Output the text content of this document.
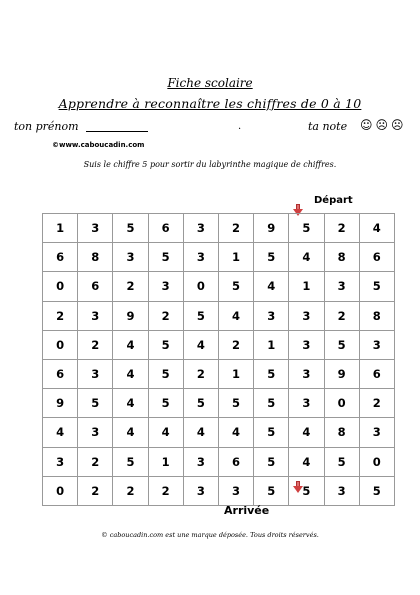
Fiche scolaire
Apprendre à reconnaître les chiffres de 0 à 10
ton prénom	.	ta note ☺☹☹
©www.caboucadin.com
Suis le chiffre 5 pour sortir du labyrinthe magique de chiffres.
Départ
1	3	5	6	3	2	9	5	2	4
6	8	3	5	3	1	5	4	8	6
0	6	2	3	0	5	4	1	3	5
2	3	9	2	5	4	3	3	2	8
0	2	4	5	4	2	1	3	5	3
6	3	4	5	2	1	5	3	9	6
9	5	4	5	5	5	5	3	0	2
4	3	4	4	4	4	5	4	8	3
3	2	5	1	3	6	5	4	5	0
0	2	2	2	3	3	5	5	3	5
Arrivée
© caboucadin.com est une marque déposée. Tous droits réservés.
